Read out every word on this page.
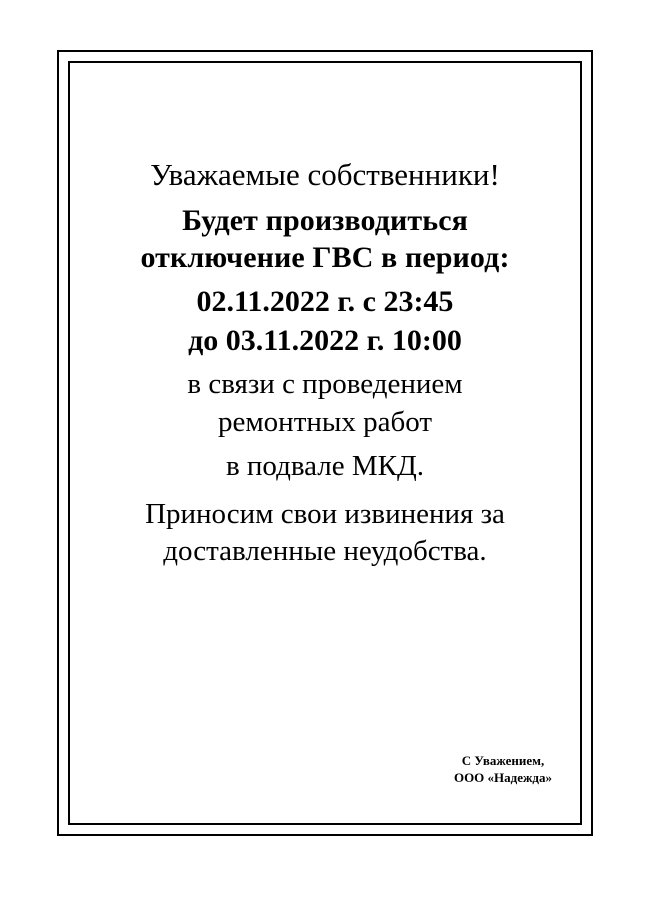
Уважаемые собственники!
Будет производиться
отключение ГВС в период:
02.11.2022 г. с 23:45
до 03.11.2022 г. 10:00
в связи с проведением
ремонтных работ
в подвале МКД.
Приносим свои извинения за
доставленные неудобства.
С Уважением,
ООО «Надежда»
